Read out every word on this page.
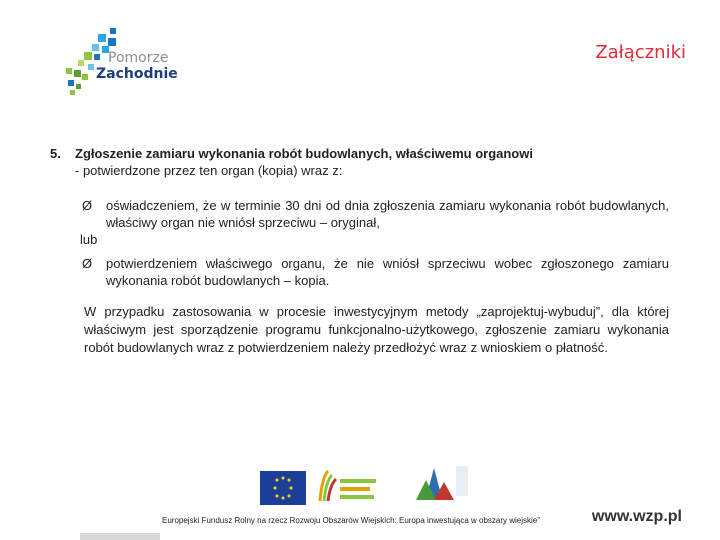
Pomorze
Zachodnie
Załączniki
5. Zgłoszenie zamiaru wykonania robót budowlanych, właściwemu organowi
- potwierdzone przez ten organ (kopia) wraz z:
Ø oświadczeniem, że w terminie 30 dni od dnia zgłoszenia zamiaru wykonania robót budowlanych, właściwy organ nie wniósł sprzeciwu – oryginał,
lub
Ø potwierdzeniem właściwego organu, że nie wniósł sprzeciwu wobec zgłoszonego zamiaru wykonania robót budowlanych – kopia.
W przypadku zastosowania w procesie inwestycyjnym metody „zaprojektuj-wybuduj”, dla której właściwym jest sporządzenie programu funkcjonalno-użytkowego, zgłoszenie zamiaru wykonania robót budowlanych wraz z potwierdzeniem należy przedłożyć wraz z wnioskiem o płatność.
Europejski Fundusz Rolny na rzecz Rozwoju Obszarów Wiejskich: Europa inwestująca w obszary wiejskie”	www.wzp.pl
